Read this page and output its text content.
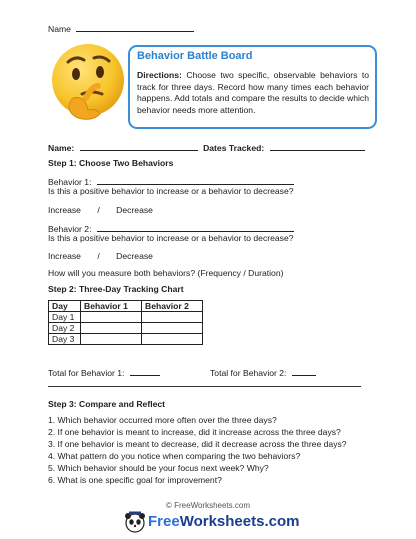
Name
Behavior Battle Board
Directions: Choose two specific, observable behaviors to track for three days. Record how many times each behavior happens. Add totals and compare the results to decide which behavior needs more attention.
Name:	Dates Tracked:
Step 1: Choose Two Behaviors
Behavior 1:
Is this a positive behavior to increase or a behavior to decrease?
Increase / Decrease
Behavior 2:
Is this a positive behavior to increase or a behavior to decrease?
Increase / Decrease
How will you measure both behaviors? (Frequency / Duration)
Step 2: Three-Day Tracking Chart
Day	Behavior 1	Behavior 2
Day 1		
Day 2		
Day 3		
Total for Behavior 1:	Total for Behavior 2:
Step 3: Compare and Reflect
1. Which behavior occurred more often over the three days?
2. If one behavior is meant to increase, did it increase across the three days?
3. If one behavior is meant to decrease, did it decrease across the three days?
4. What pattern do you notice when comparing the two behaviors?
5. Which behavior should be your focus next week? Why?
6. What is one specific goal for improvement?
© FreeWorksheets.com
FreeWorksheets.com
